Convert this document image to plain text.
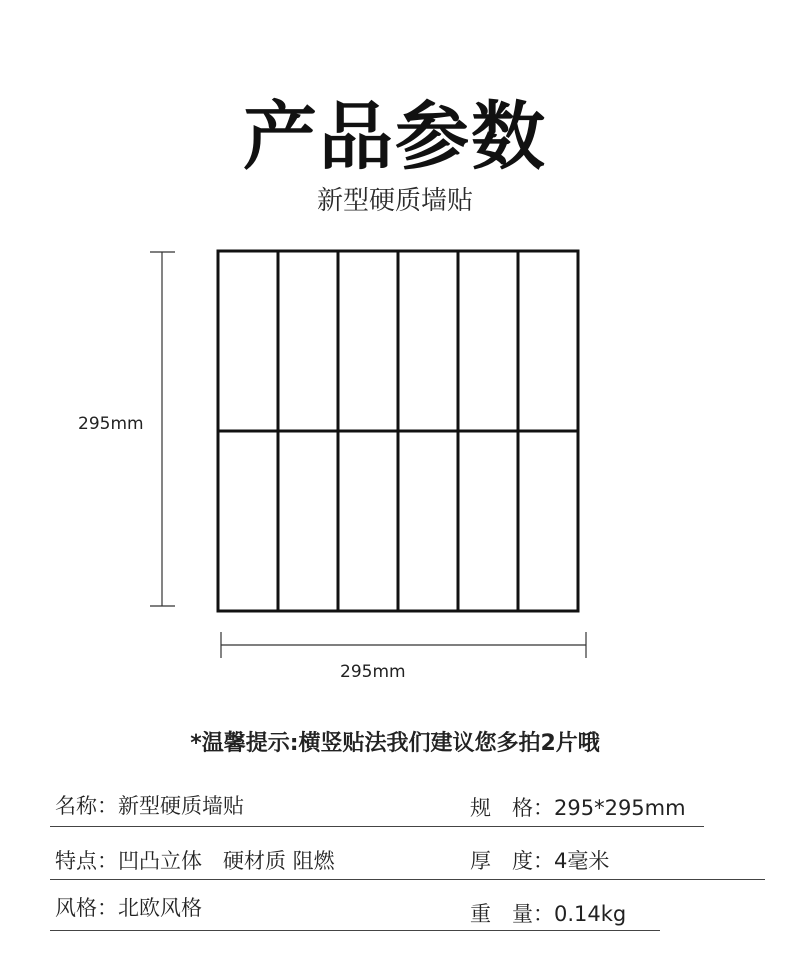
产品参数
新型硬质墙贴
295mm
295mm
*温馨提示:横竖贴法我们建议您多拍2片哦
名称：新型硬质墙贴	规　格：295*295mm
特点：凹凸立体　硬材质 阻燃	厚　度：4毫米
风格：北欧风格	重　量：0.14kg
